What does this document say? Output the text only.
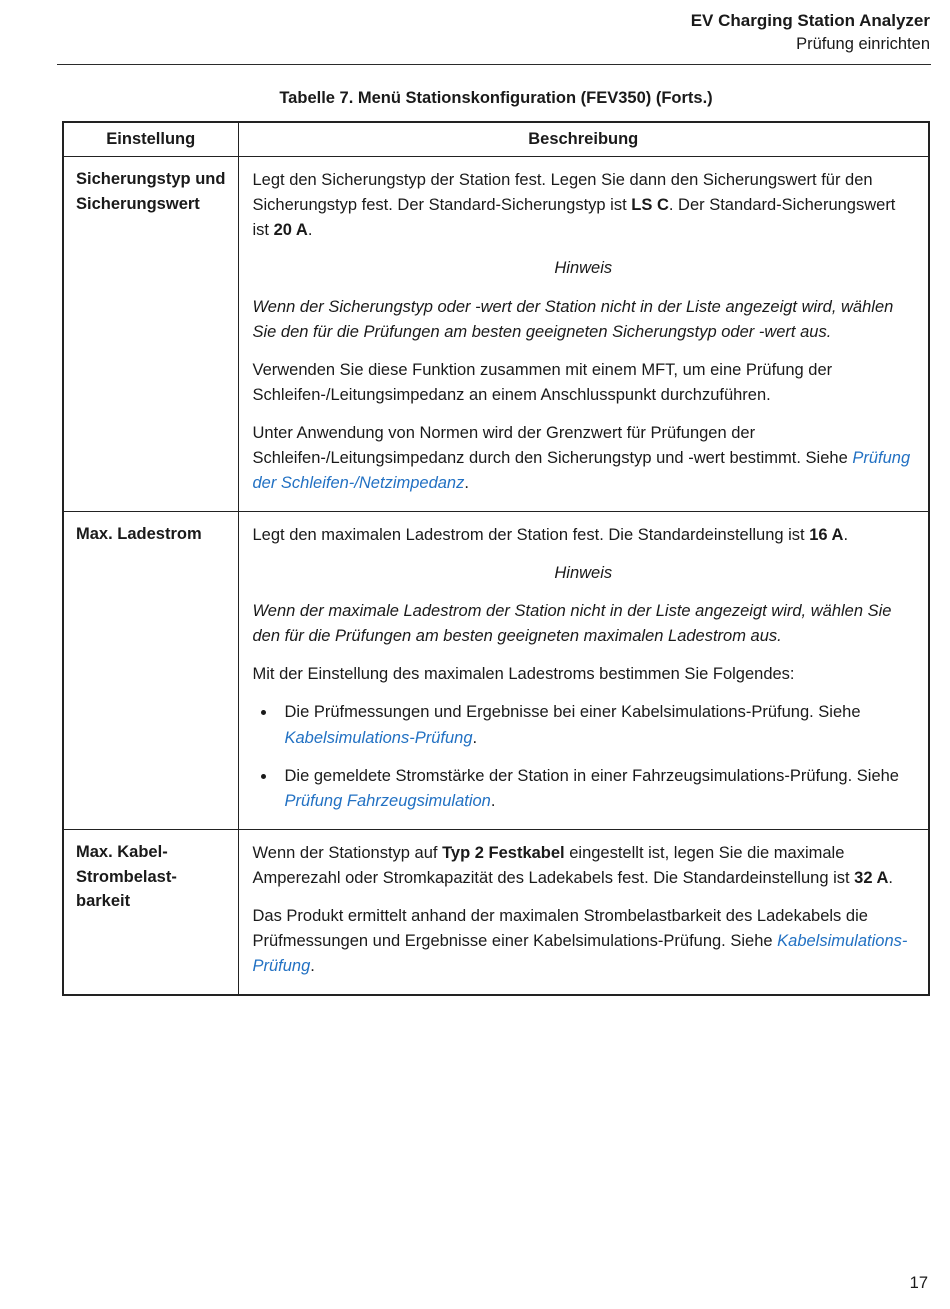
EV Charging Station Analyzer
Prüfung einrichten
Tabelle 7. Menü Stationskonfiguration (FEV350) (Forts.)
Einstellung	Beschreibung
Sicherungstyp und Sicherungswert	Legt den Sicherungstyp der Station fest. Legen Sie dann den Sicherungswert für den Sicherungstyp fest. Der Standard-Sicherungstyp ist LS C. Der Standard-Sicherungswert ist 20 A.

Hinweis

Wenn der Sicherungstyp oder -wert der Station nicht in der Liste angezeigt wird, wählen Sie den für die Prüfungen am besten geeigneten Sicherungstyp oder -wert aus.

Verwenden Sie diese Funktion zusammen mit einem MFT, um eine Prüfung der Schleifen-/Leitungsimpedanz an einem Anschlusspunkt durchzuführen.

Unter Anwendung von Normen wird der Grenzwert für Prüfungen der Schleifen-/Leitungsimpedanz durch den Sicherungstyp und -wert bestimmt. Siehe Prüfung der Schleifen-/Netzimpedanz.

Max. Ladestrom	Legt den maximalen Ladestrom der Station fest. Die Standardeinstellung ist 16 A.

Hinweis

Wenn der maximale Ladestrom der Station nicht in der Liste angezeigt wird, wählen Sie den für die Prüfungen am besten geeigneten maximalen Ladestrom aus.

Mit der Einstellung des maximalen Ladestroms bestimmen Sie Folgendes:

• Die Prüfmessungen und Ergebnisse bei einer Kabelsimulations-Prüfung. Siehe Kabelsimulations-Prüfung.
• Die gemeldete Stromstärke der Station in einer Fahrzeugsimulations-Prüfung. Siehe Prüfung Fahrzeugsimulation.

Max. Kabel-Strombelast-barkeit	Wenn der Stationstyp auf Typ 2 Festkabel eingestellt ist, legen Sie die maximale Amperezahl oder Stromkapazität des Ladekabels fest. Die Standardeinstellung ist 32 A.

Das Produkt ermittelt anhand der maximalen Strombelastbarkeit des Ladekabels die Prüfmessungen und Ergebnisse einer Kabelsimulations-Prüfung. Siehe Kabelsimulations-Prüfung.

17
